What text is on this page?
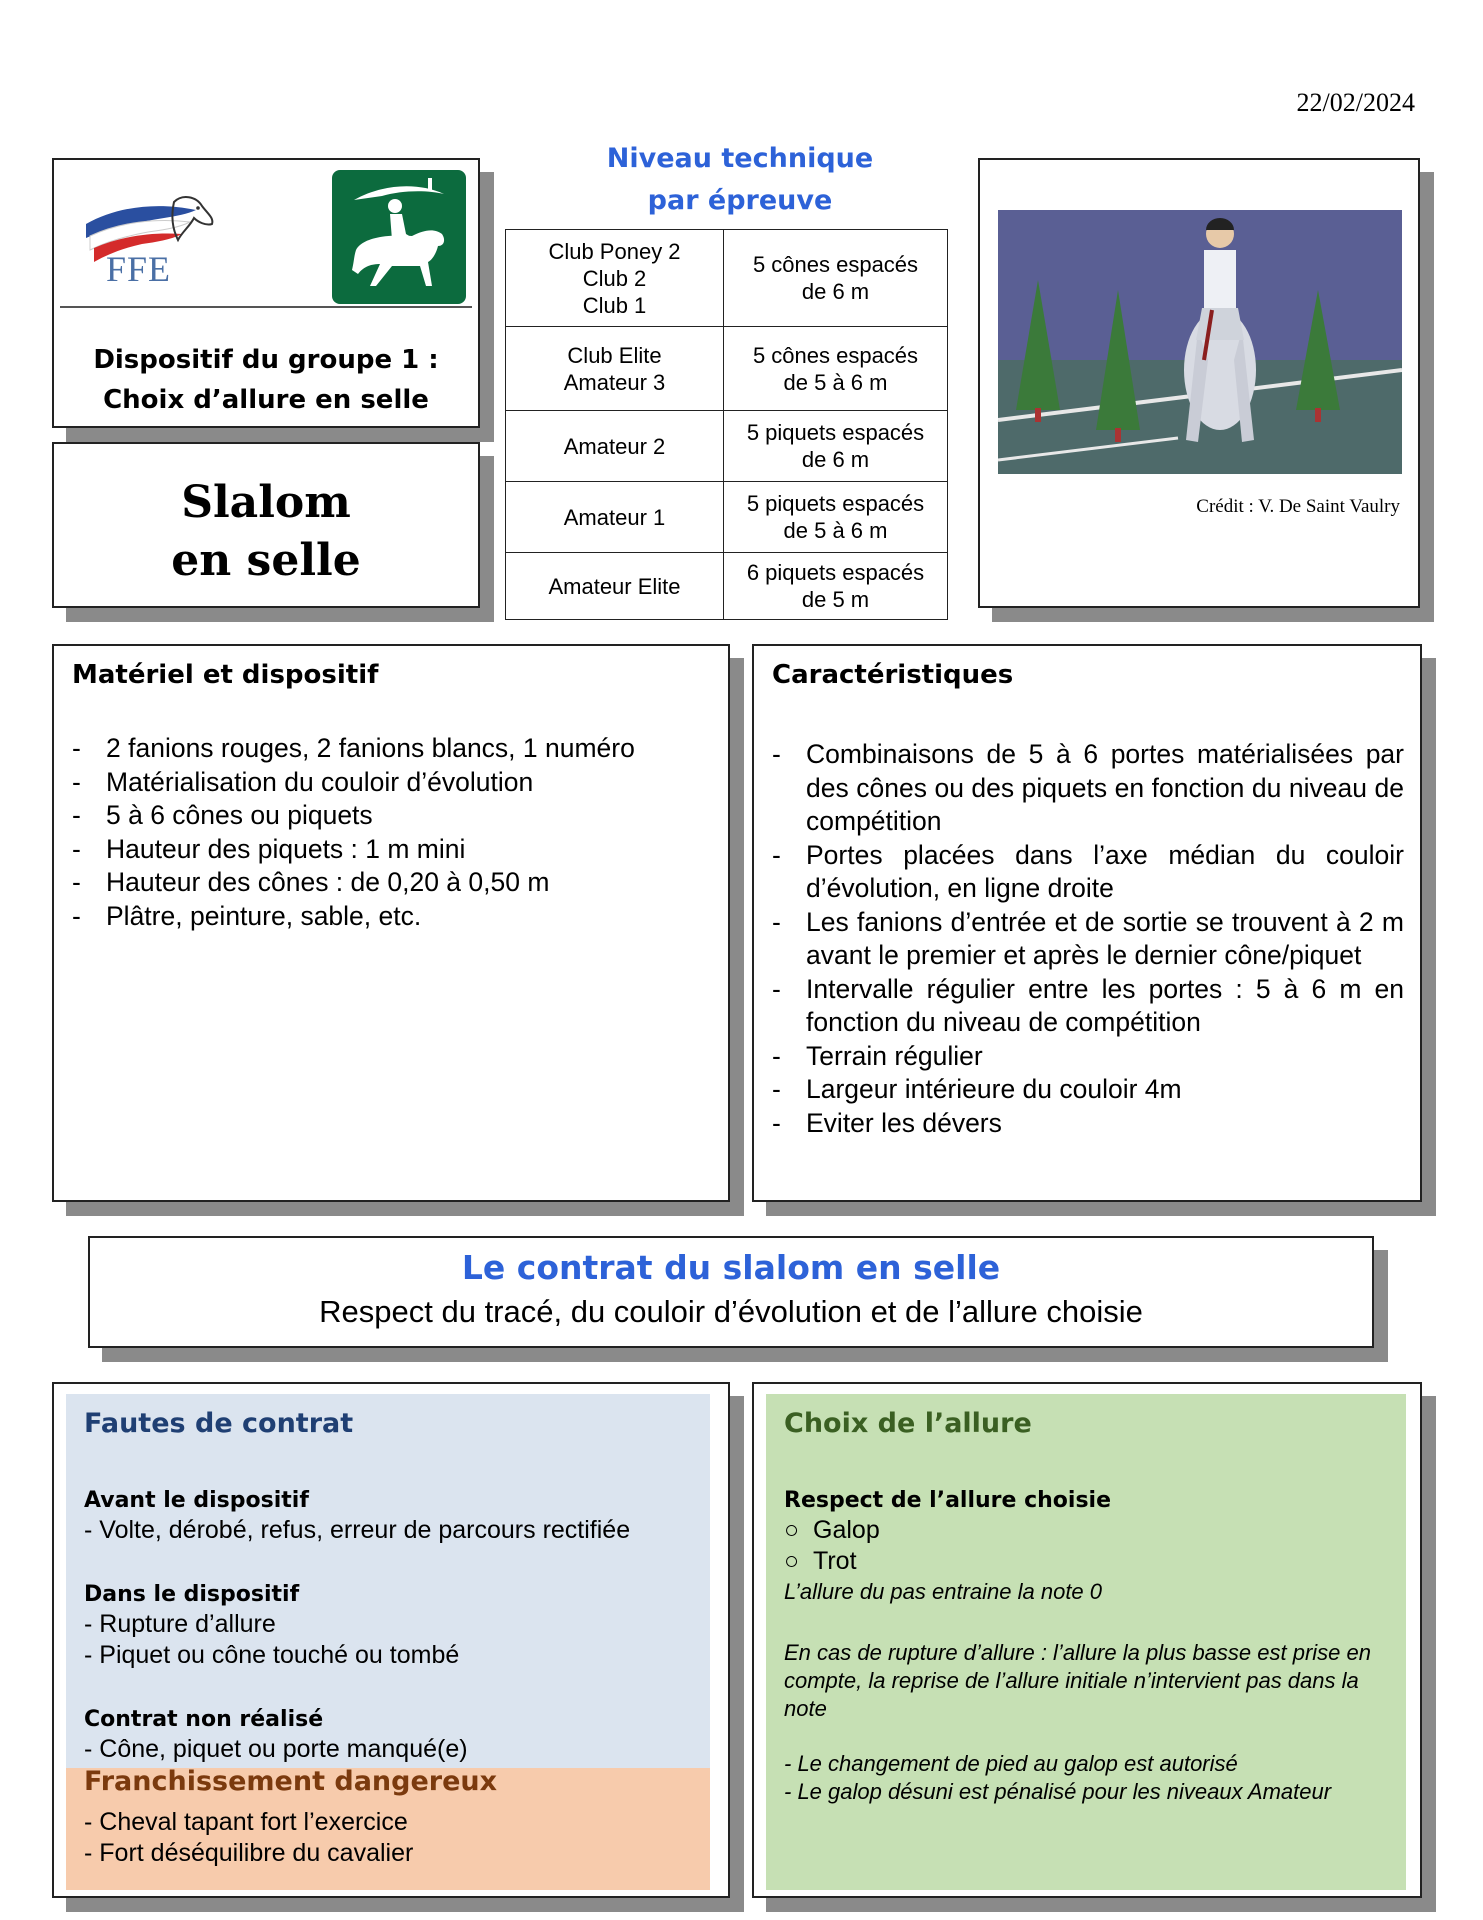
22/02/2024
FFE
Dispositif du groupe 1 :
Choix d’allure en selle
Slalom
en selle
Niveau technique
par épreuve
Club Poney 2
Club 2
Club 1	5 cônes espacés
de 6 m
Club Elite
Amateur 3	5 cônes espacés
de 5 à 6 m
Amateur 2	5 piquets espacés
de 6 m
Amateur 1	5 piquets espacés
de 5 à 6 m
Amateur Elite	6 piquets espacés
de 5 m
Crédit : V. De Saint Vaulry
Matériel et dispositif
- 2 fanions rouges, 2 fanions blancs, 1 numéro
- Matérialisation du couloir d’évolution
- 5 à 6 cônes ou piquets
- Hauteur des piquets : 1 m mini
- Hauteur des cônes : de 0,20 à 0,50 m
- Plâtre, peinture, sable, etc.
Caractéristiques
- Combinaisons de 5 à 6 portes matérialisées par des cônes ou des piquets en fonction du niveau de compétition
- Portes placées dans l’axe médian du couloir d’évolution, en ligne droite
- Les fanions d’entrée et de sortie se trouvent à 2 m avant le premier et après le dernier cône/piquet
- Intervalle régulier entre les portes : 5 à 6 m en fonction du niveau de compétition
- Terrain régulier
- Largeur intérieure du couloir 4m
- Eviter les dévers
Le contrat du slalom en selle
Respect du tracé, du couloir d’évolution et de l’allure choisie
Fautes de contrat
Avant le dispositif
- Volte, dérobé, refus, erreur de parcours rectifiée
Dans le dispositif
- Rupture d’allure
- Piquet ou cône touché ou tombé
Contrat non réalisé
- Cône, piquet ou porte manqué(e)
Franchissement dangereux
- Cheval tapant fort l’exercice
- Fort déséquilibre du cavalier
Choix de l’allure
Respect de l’allure choisie
○ Galop
○ Trot
L’allure du pas entraine la note 0
En cas de rupture d’allure : l’allure la plus basse est prise en compte, la reprise de l’allure initiale n’intervient pas dans la note
- Le changement de pied au galop est autorisé
- Le galop désuni est pénalisé pour les niveaux Amateur
